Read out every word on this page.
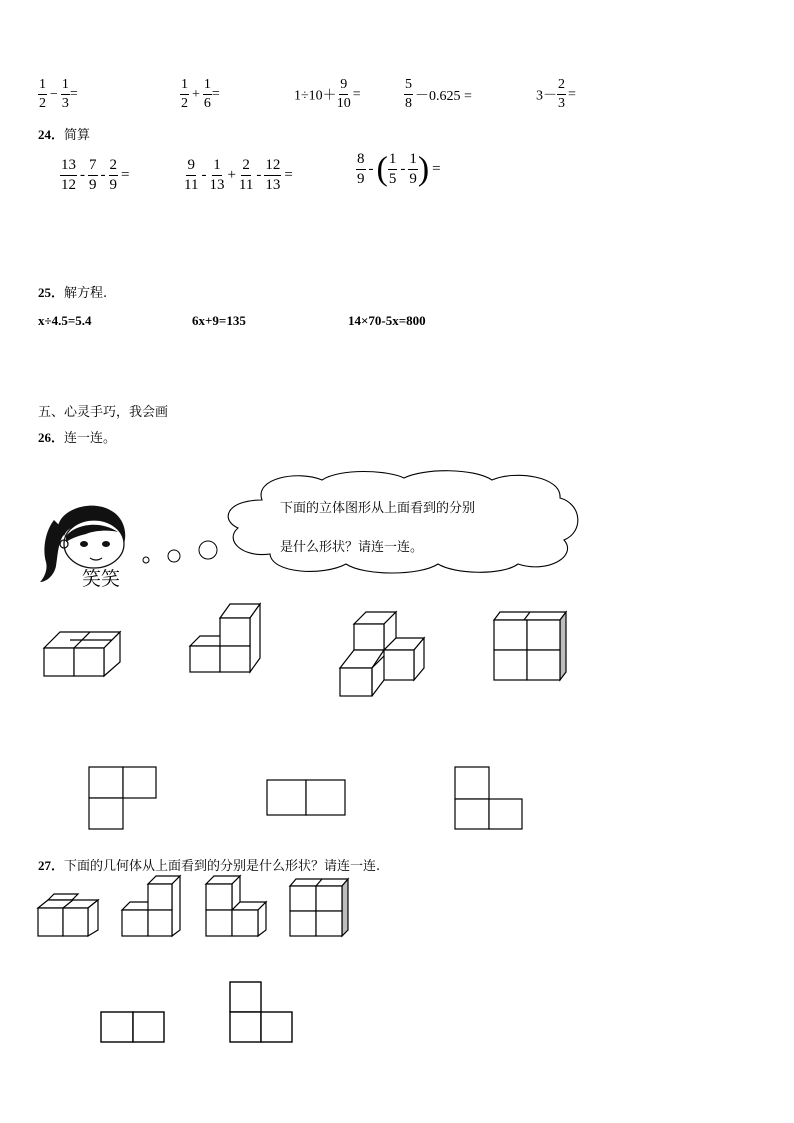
$\frac{1}{2} - \frac{1}{3}$ =	$\frac{1}{2} + \frac{1}{6}$ =	$1\div 10+ \frac{9}{10}$ =	$\frac{5}{8} -0.625$ =	$3- \frac{2}{3}$ =
24．简算
$\frac{13}{12} - \frac{7}{9} - \frac{2}{9}$ =	$\frac{9}{11} - \frac{1}{13} + \frac{2}{11} - \frac{12}{13}$ =	$\frac{8}{9}$ -( $\frac{1}{5} - \frac{1}{9}$ ) =
25．解方程.
x÷4.5=5.4	6x+9=135	14×70-5x=800
五、心灵手巧，我会画
26．连一连。
笑笑
下面的立体图形从上面看到的分别
是什么形状？请连一连。
27．下面的几何体从上面看到的分别是什么形状？请连一连.
